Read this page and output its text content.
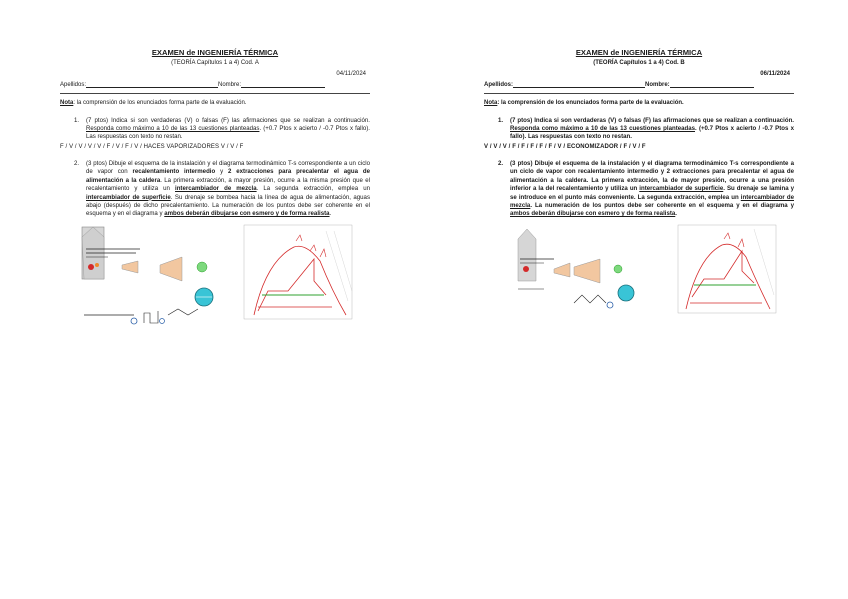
EXAMEN de INGENIERÍA TÉRMICA
(TEORÍA Capítulos 1 a 4) Cod. A
04/11/2024
Apellidos:	Nombre:
Nota: la comprensión de los enunciados forma parte de la evaluación.
1.	(7 ptos) Indica si son verdaderas (V) o falsas (F) las afirmaciones que se realizan a continuación. Responda como máximo a 10 de las 13 cuestiones planteadas. (+0.7 Ptos x acierto / -0.7 Ptos x fallo). Las respuestas con texto no restan.
F / V / V / V / V / F / V / F / V / HACES VAPORIZADORES V / V / F
2.	(3 ptos) Dibuje el esquema de la instalación y el diagrama termodinámico T-s correspondiente a un ciclo de vapor con recalentamiento intermedio y 2 extracciones para precalentar el agua de alimentación a la caldera. La primera extracción, a mayor presión, ocurre a la misma presión que el recalentamiento y utiliza un intercambiador de mezcla. La segunda extracción, emplea un intercambiador de superficie. Su drenaje se bombea hacia la línea de agua de alimentación, aguas abajo (después) de dicho precalentamiento. La numeración de los puntos debe ser coherente en el esquema y en el diagrama y ambos deberán dibujarse con esmero y de forma realista.
EXAMEN de INGENIERÍA TÉRMICA
(TEORÍA Capítulos 1 a 4) Cod. B
06/11/2024
Apellidos:	Nombre:
Nota: la comprensión de los enunciados forma parte de la evaluación.
1.	(7 ptos) Indica si son verdaderas (V) o falsas (F) las afirmaciones que se realizan a continuación. Responda como máximo a 10 de las 13 cuestiones planteadas. (+0.7 Ptos x acierto / -0.7 Ptos x fallo). Las respuestas con texto no restan.
V / V / V / F / F / F / F / F / V / ECONOMIZADOR / F / V / F
2.	(3 ptos) Dibuje el esquema de la instalación y el diagrama termodinámico T-s correspondiente a un ciclo de vapor con recalentamiento intermedio y 2 extracciones para precalentar el agua de alimentación a la caldera. La primera extracción, la de mayor presión, ocurre a una presión inferior a la del recalentamiento y utiliza un intercambiador de superficie. Su drenaje se lamina y se introduce en el punto más conveniente. La segunda extracción, emplea un intercambiador de mezcla. La numeración de los puntos debe ser coherente en el esquema y en el diagrama y ambos deberán dibujarse con esmero y de forma realista.
